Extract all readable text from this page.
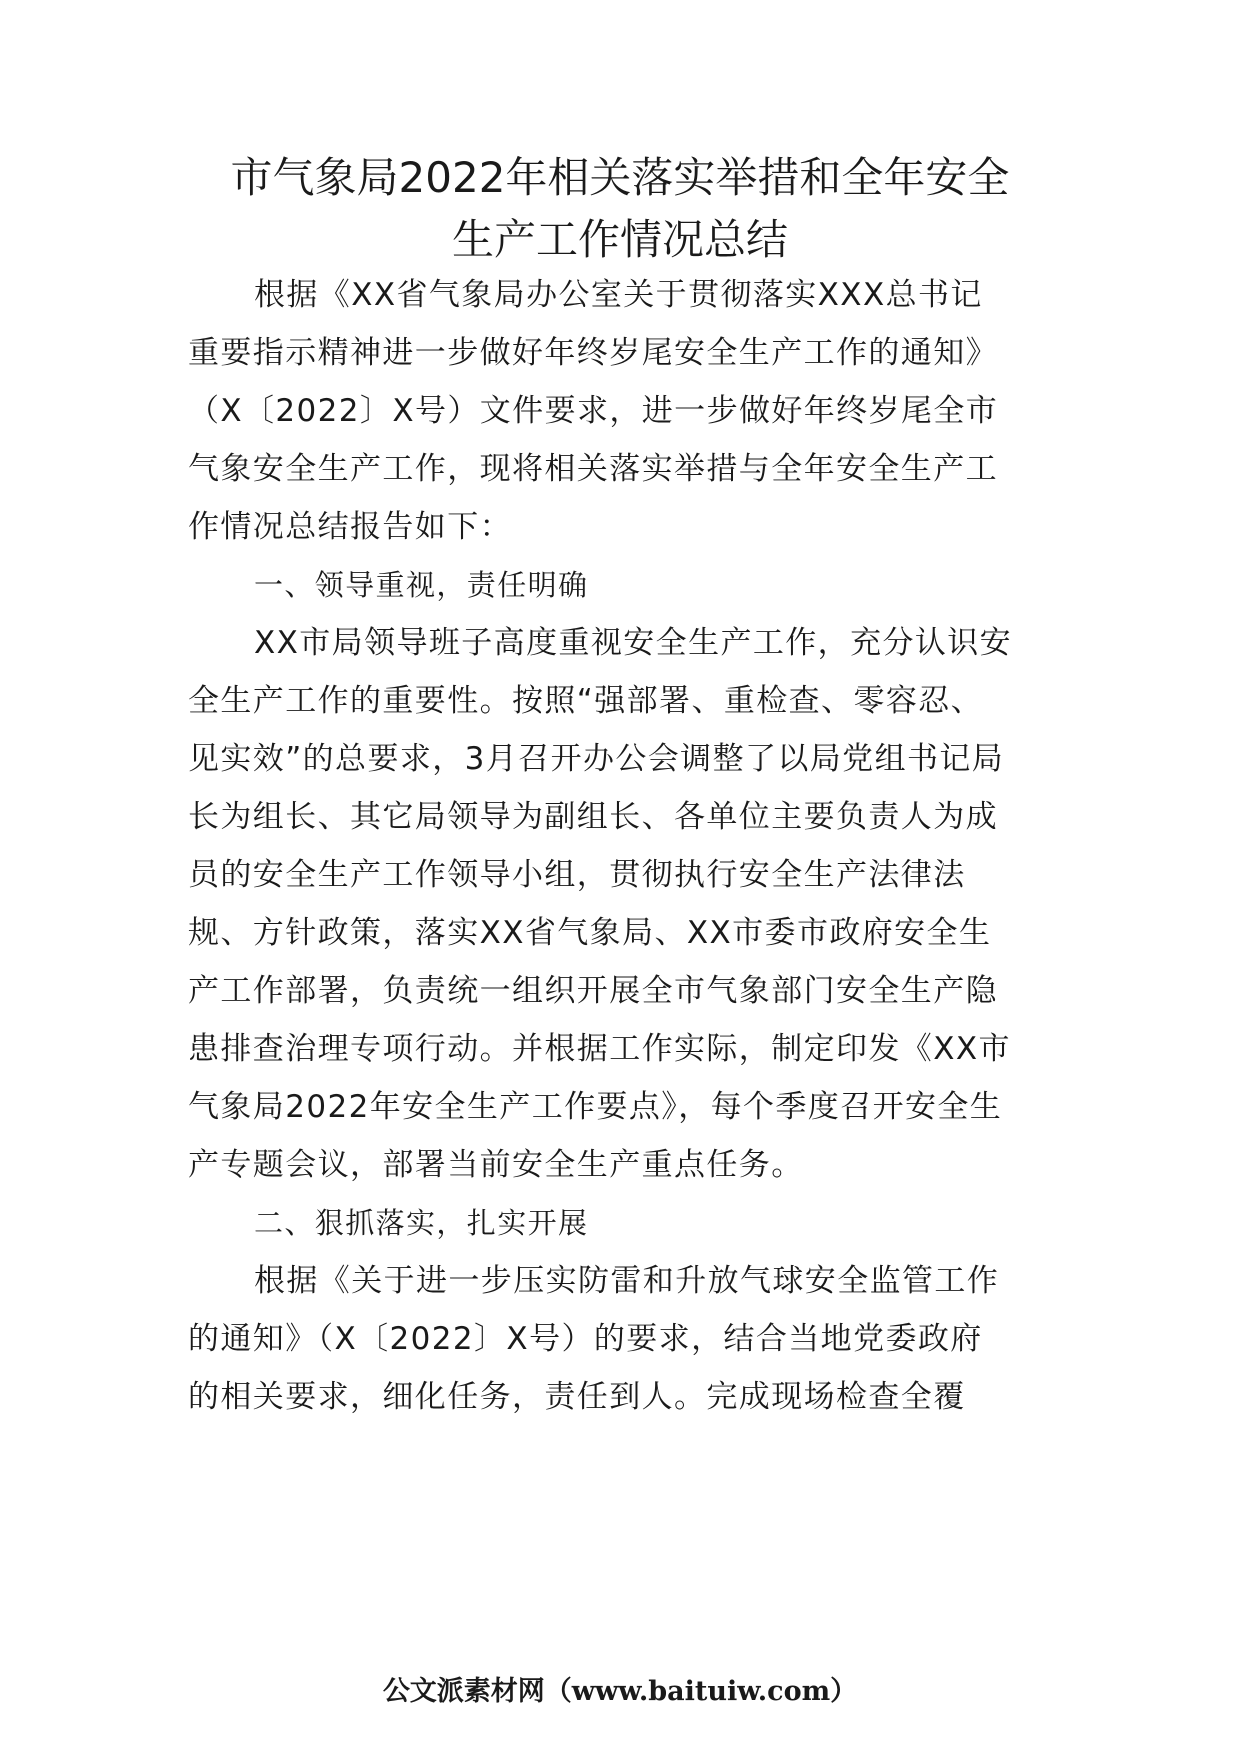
市气象局2022年相关落实举措和全年安全
生产工作情况总结
根据《XX省气象局办公室关于贯彻落实XXX总书记
重要指示精神进一步做好年终岁尾安全生产工作的通知》
（X〔2022〕X号）文件要求，进一步做好年终岁尾全市
气象安全生产工作，现将相关落实举措与全年安全生产工
作情况总结报告如下：
一、领导重视，责任明确
XX市局领导班子高度重视安全生产工作，充分认识安
全生产工作的重要性。按照“强部署、重检查、零容忍、
见实效”的总要求，3月召开办公会调整了以局党组书记局
长为组长、其它局领导为副组长、各单位主要负责人为成
员的安全生产工作领导小组，贯彻执行安全生产法律法
规、方针政策，落实XX省气象局、XX市委市政府安全生
产工作部署，负责统一组织开展全市气象部门安全生产隐
患排查治理专项行动。并根据工作实际，制定印发《XX市
气象局2022年安全生产工作要点》，每个季度召开安全生
产专题会议，部署当前安全生产重点任务。
二、狠抓落实，扎实开展
根据《关于进一步压实防雷和升放气球安全监管工作
的通知》（X〔2022〕X号）的要求，结合当地党委政府
的相关要求，细化任务，责任到人。完成现场检查全覆
公文派素材网（www.baituiw.com）
